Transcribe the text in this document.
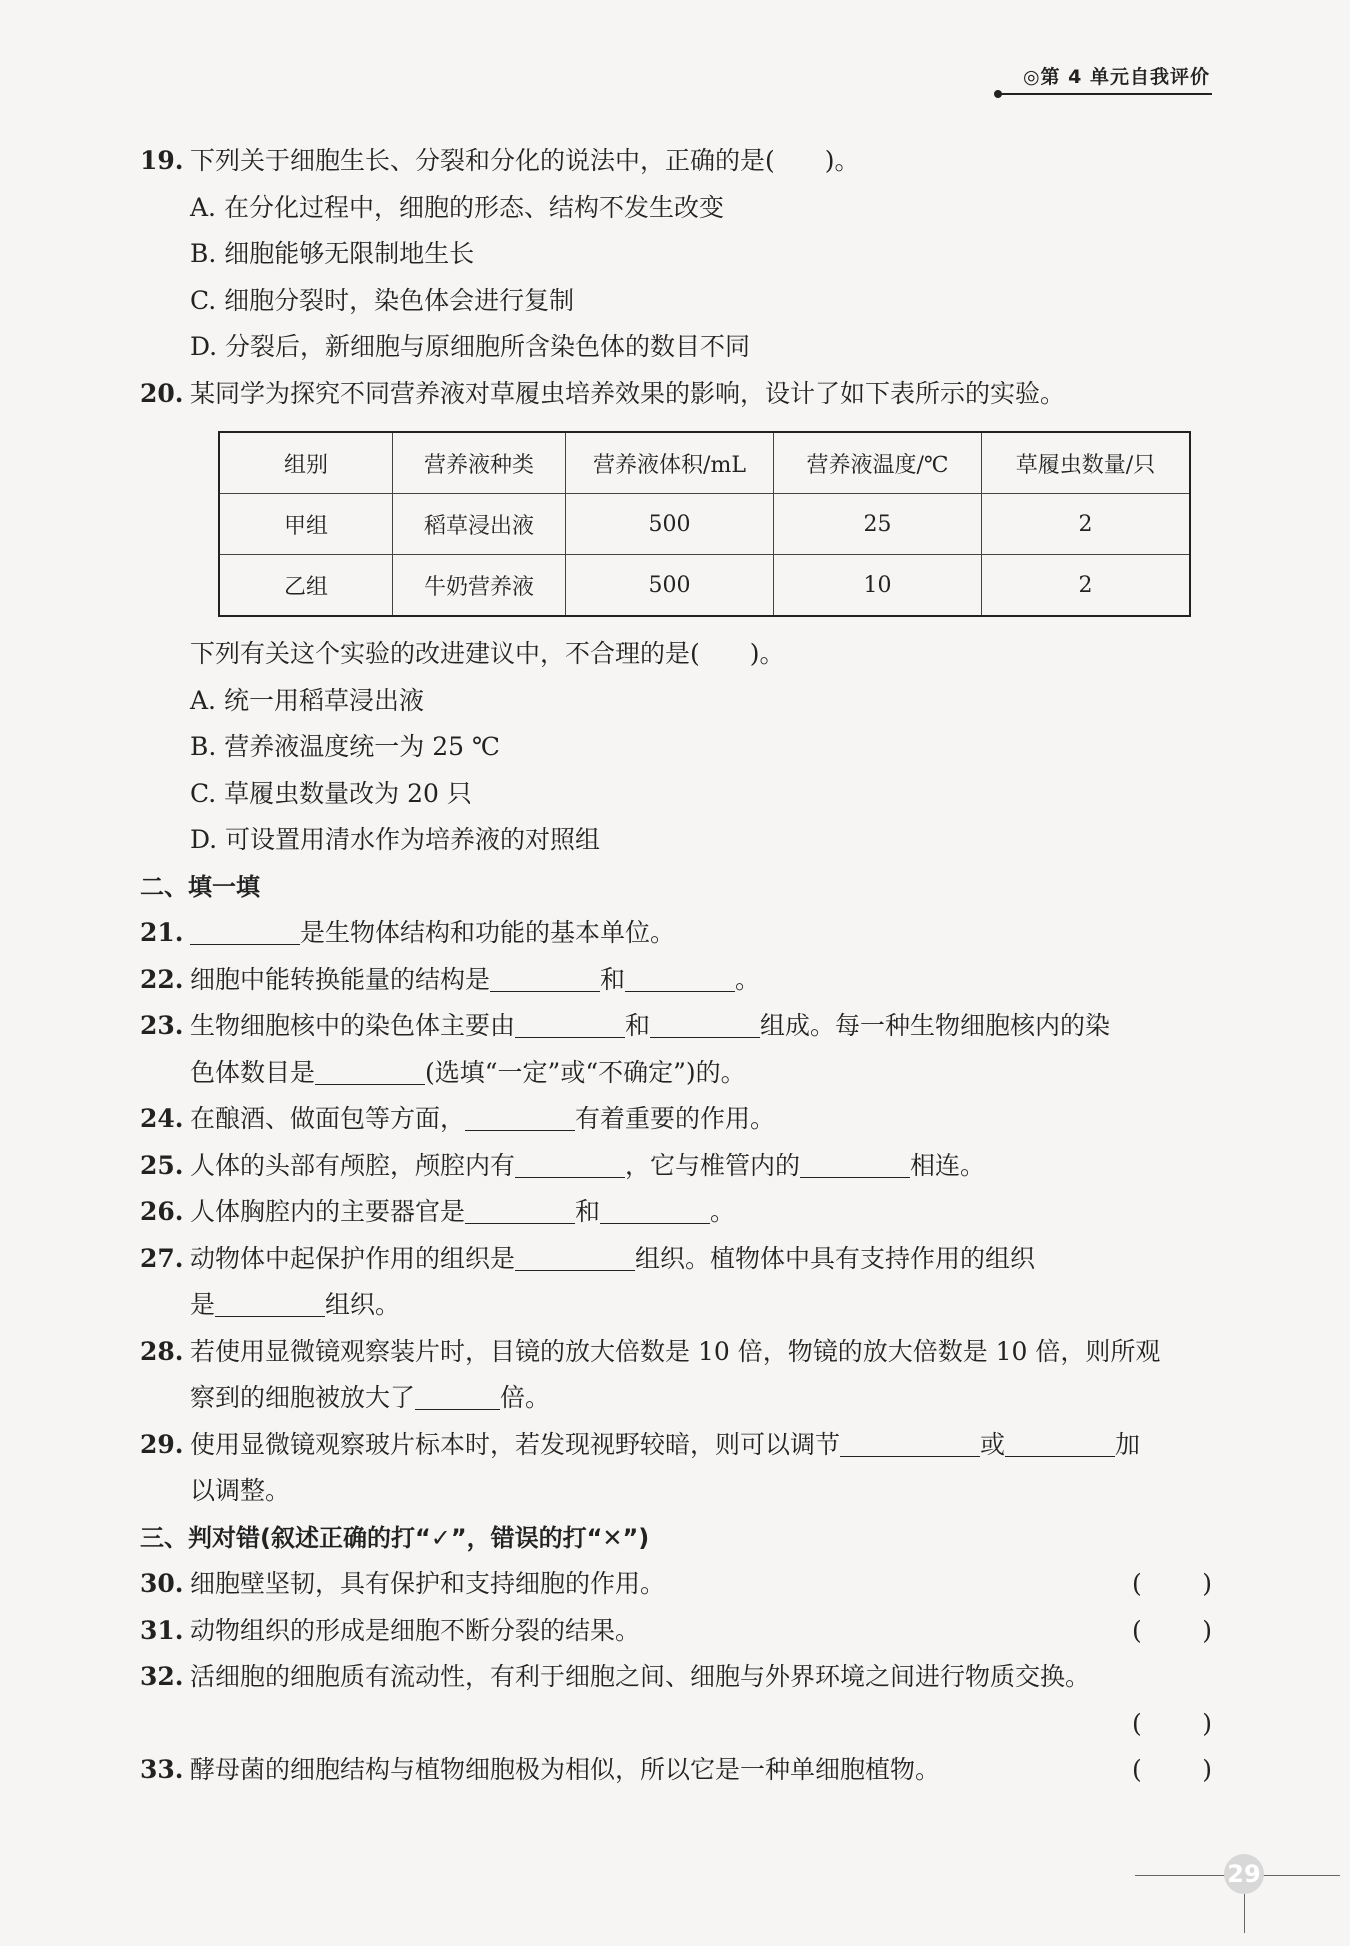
◎第 4 单元自我评价
19. 下列关于细胞生长、分裂和分化的说法中，正确的是(　　)。
A. 在分化过程中，细胞的形态、结构不发生改变
B. 细胞能够无限制地生长
C. 细胞分裂时，染色体会进行复制
D. 分裂后，新细胞与原细胞所含染色体的数目不同
20. 某同学为探究不同营养液对草履虫培养效果的影响，设计了如下表所示的实验。
组别	营养液种类	营养液体积/mL	营养液温度/℃	草履虫数量/只
甲组	稻草浸出液	500	25	2
乙组	牛奶营养液	500	10	2
下列有关这个实验的改进建议中，不合理的是(　　)。
A. 统一用稻草浸出液
B. 营养液温度统一为 25 ℃
C. 草履虫数量改为 20 只
D. 可设置用清水作为培养液的对照组
二、填一填
21.	是生物体结构和功能的基本单位。
22. 细胞中能转换能量的结构是	和	。
23. 生物细胞核中的染色体主要由	和	组成。每一种生物细胞核内的染
色体数目是	(选填“一定”或“不确定”)的。
24. 在酿酒、做面包等方面，	有着重要的作用。
25. 人体的头部有颅腔，颅腔内有	，它与椎管内的	相连。
26. 人体胸腔内的主要器官是	和	。
27. 动物体中起保护作用的组织是	组织。植物体中具有支持作用的组织
是	组织。
28. 若使用显微镜观察装片时，目镜的放大倍数是 10 倍，物镜的放大倍数是 10 倍，则所观
察到的细胞被放大了	倍。
29. 使用显微镜观察玻片标本时，若发现视野较暗，则可以调节	或	加
以调整。
三、判对错(叙述正确的打“✓”，错误的打“✕”)
30. 细胞壁坚韧，具有保护和支持细胞的作用。	( )
31. 动物组织的形成是细胞不断分裂的结果。	( )
32. 活细胞的细胞质有流动性，有利于细胞之间、细胞与外界环境之间进行物质交换。
( )
33. 酵母菌的细胞结构与植物细胞极为相似，所以它是一种单细胞植物。	( )
29
